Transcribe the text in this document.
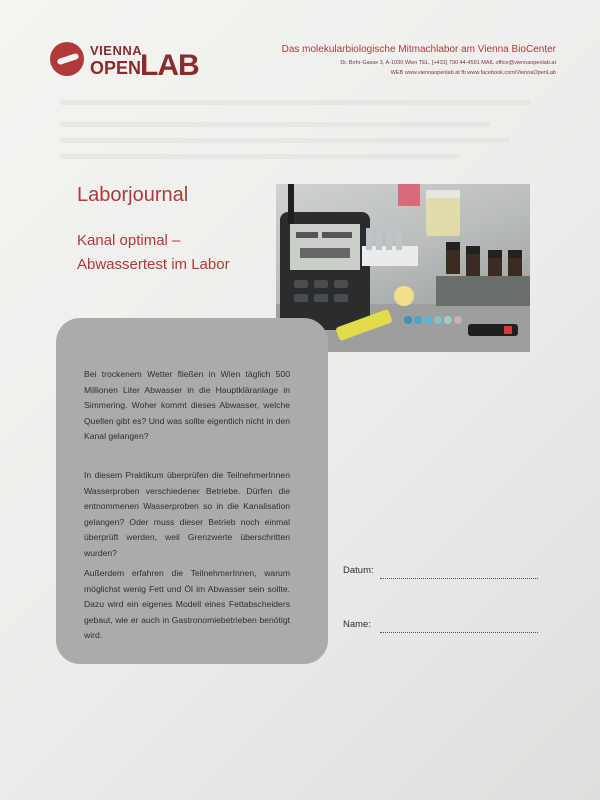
VIENNA
OPEN
LAB	Das molekularbiologische Mitmachlabor am Vienna BioCenter
Dr. Bohr-Gasse 3, A-1030 Wien TEL. [+431] 790 44-4591 MAIL office@viennaopenlab.at
WEB www.viennaopenlab.at fb www.facebook.com/ViennaOpenLab
Laborjournal
Kanal optimal –
Abwassertest im Labor
Bei trockenem Wetter fließen in Wien täglich 500 Millionen Liter Abwasser in die Hauptkläranlage in Simmering. Woher kommt dieses Abwasser, welche Quellen gibt es? Und was sollte eigentlich nicht in den Kanal gelangen?
In diesem Praktikum überprüfen die TeilnehmerInnen Wasserproben verschiedener Betriebe. Dürfen die entnommenen Wasserproben so in die Kanalisation gelangen? Oder muss dieser Betrieb noch einmal überprüft werden, weil Grenzwerte überschritten wurden?
Außerdem erfahren die TeilnehmerInnen, warum möglichst wenig Fett und Öl im Abwasser sein sollte. Dazu wird ein eigenes Modell eines Fettabscheiders gebaut, wie er auch in Gastronomiebetrieben benötigt wird.
Datum:
Name:
